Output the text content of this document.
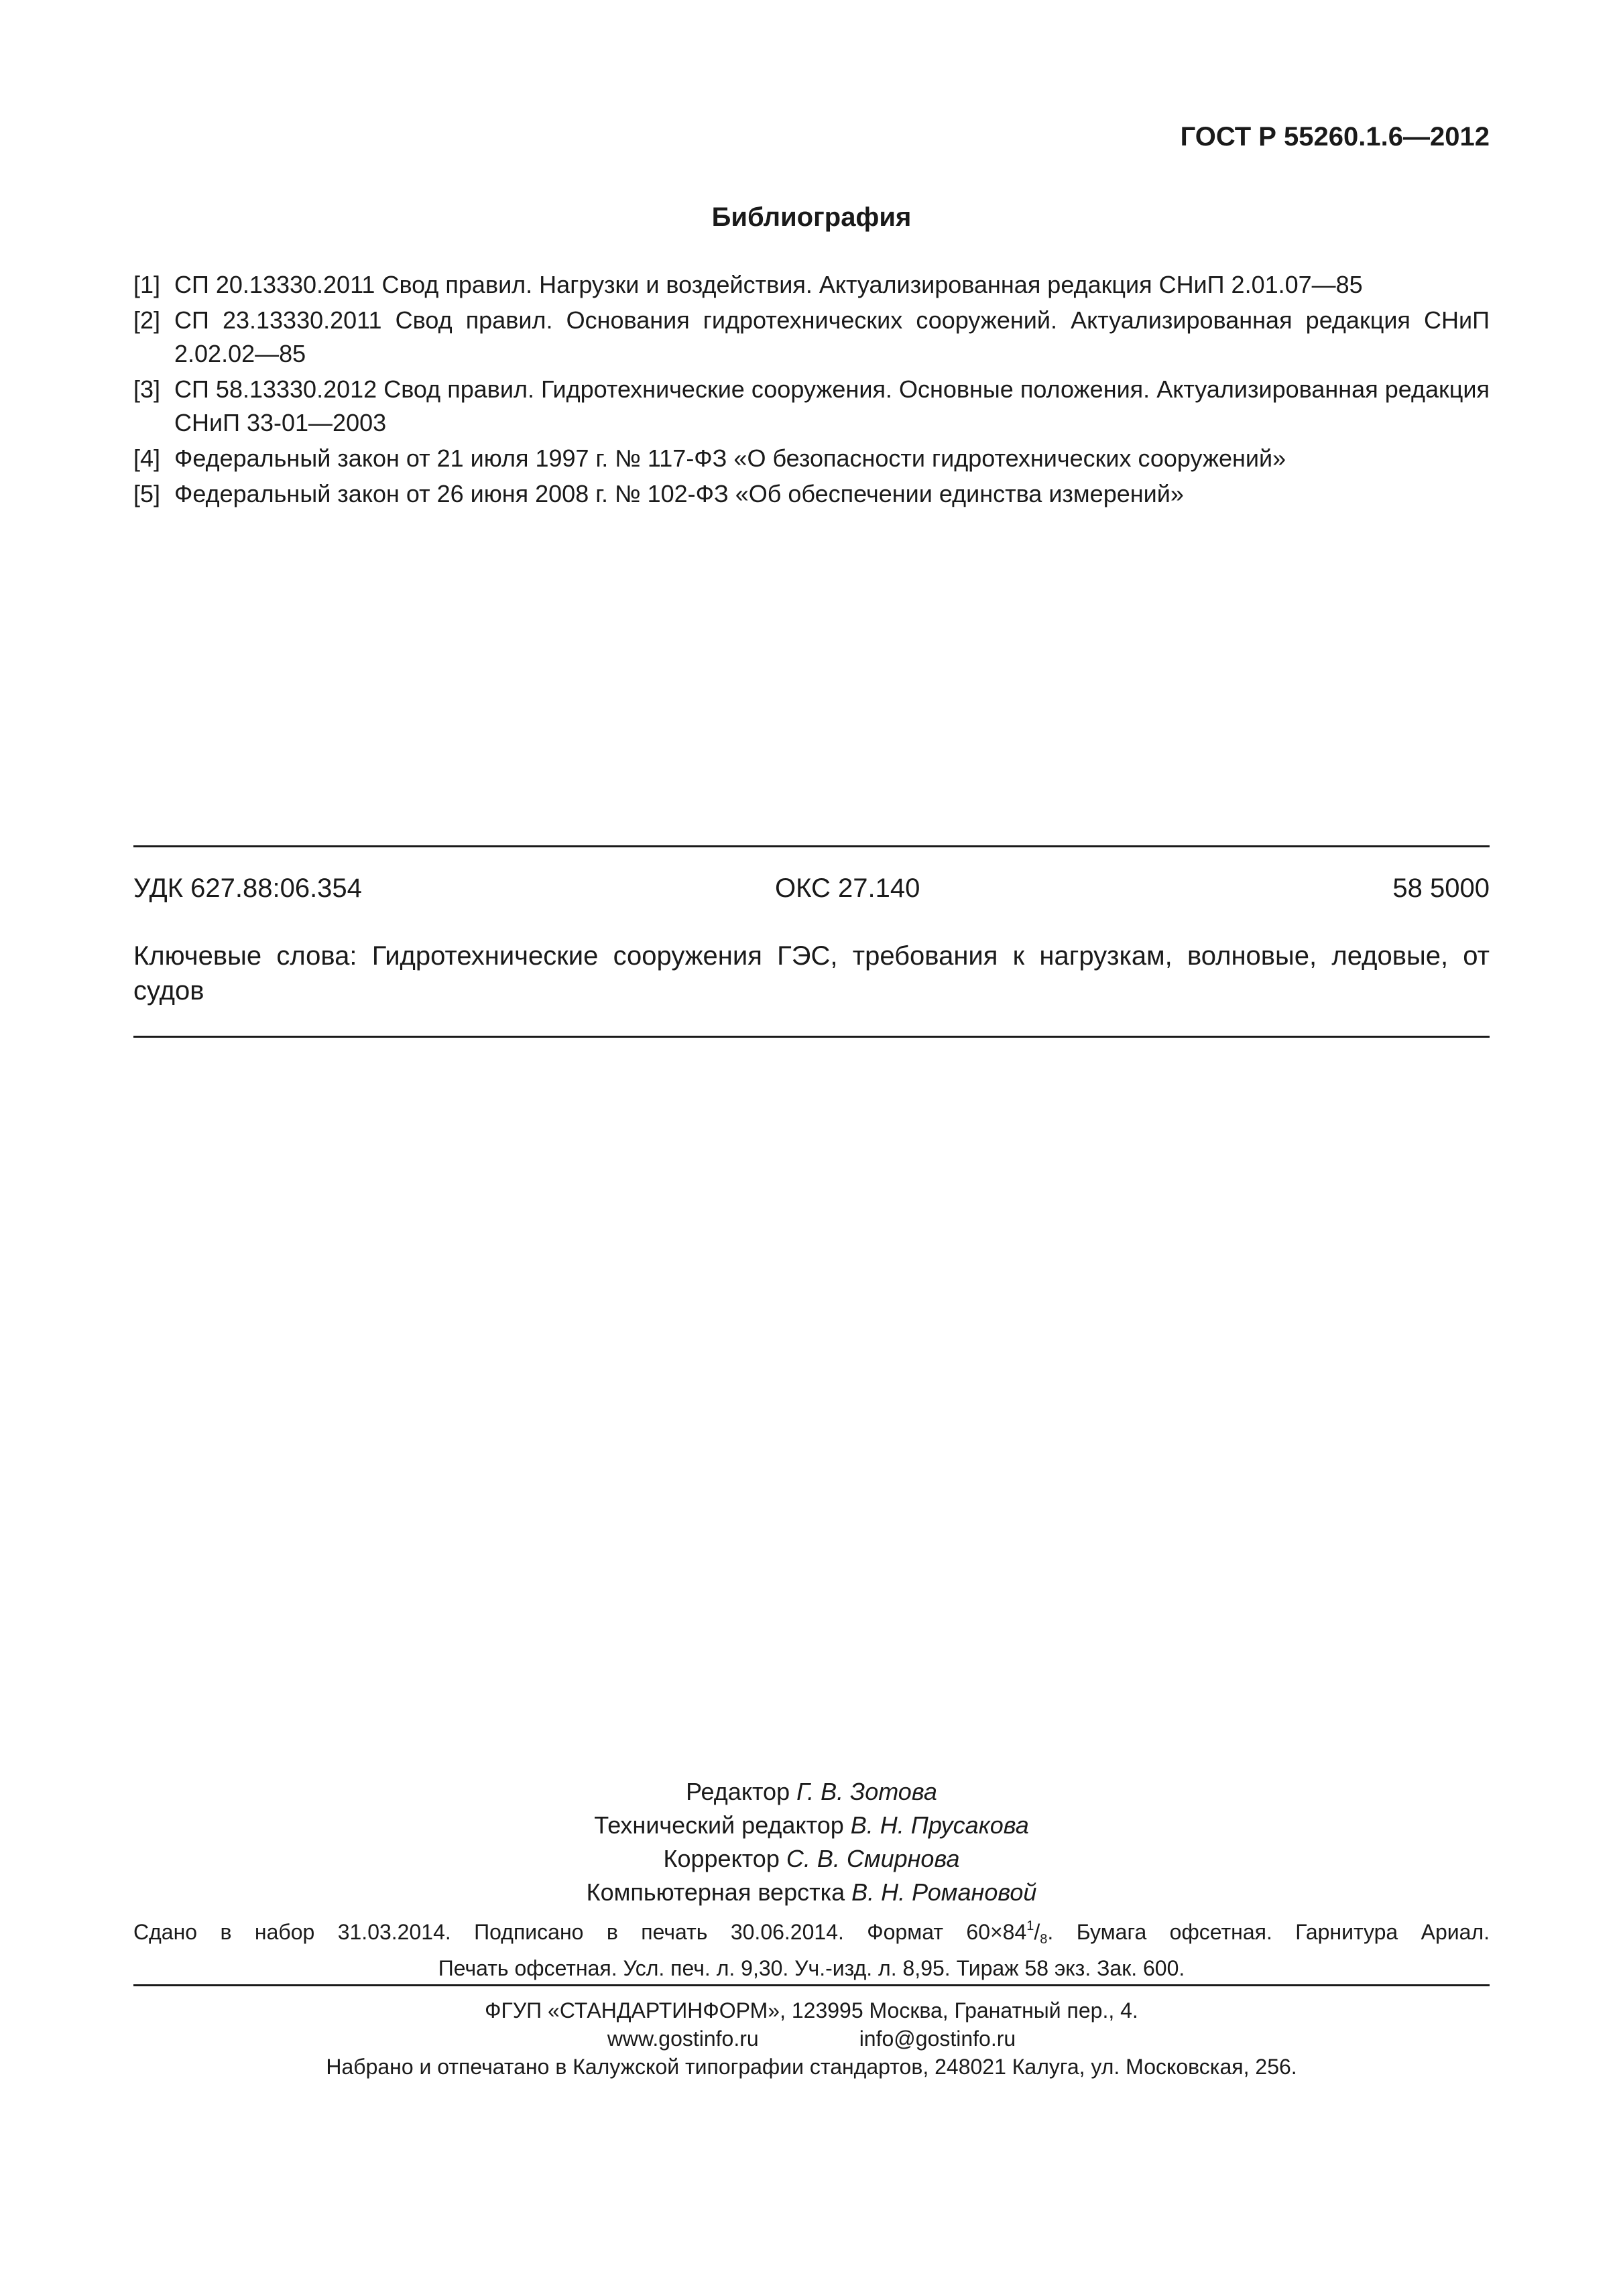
ГОСТ Р 55260.1.6—2012
Библиография
[1] СП 20.13330.2011 Свод правил. Нагрузки и воздействия. Актуализированная редакция СНиП 2.01.07—85
[2] СП 23.13330.2011 Свод правил. Основания гидротехнических сооружений. Актуализированная редакция СНиП 2.02.02—85
[3] СП 58.13330.2012 Свод правил. Гидротехнические сооружения. Основные положения. Актуализированная редакция СНиП 33-01—2003
[4] Федеральный закон от 21 июля 1997 г. № 117-ФЗ «О безопасности гидротехнических сооружений»
[5] Федеральный закон от 26 июня 2008 г. № 102-ФЗ «Об обеспечении единства измерений»
УДК 627.88:06.354	ОКС 27.140	58 5000
Ключевые слова: Гидротехнические сооружения ГЭС, требования к нагрузкам, волновые, ледовые, от судов
Редактор Г. В. Зотова
Технический редактор В. Н. Прусакова
Корректор С. В. Смирнова
Компьютерная верстка В. Н. Романовой
Сдано в набор 31.03.2014. Подписано в печать 30.06.2014. Формат $60\times 84^1/_8$. Бумага офсетная. Гарнитура Ариал.
Печать офсетная. Усл. печ. л. 9,30. Уч.-изд. л. 8,95. Тираж 58 экз. Зак. 600.
ФГУП «СТАНДАРТИНФОРМ», 123995 Москва, Гранатный пер., 4.
www.gostinfo.ru	info@gostinfo.ru
Набрано и отпечатано в Калужской типографии стандартов, 248021 Калуга, ул. Московская, 256.
